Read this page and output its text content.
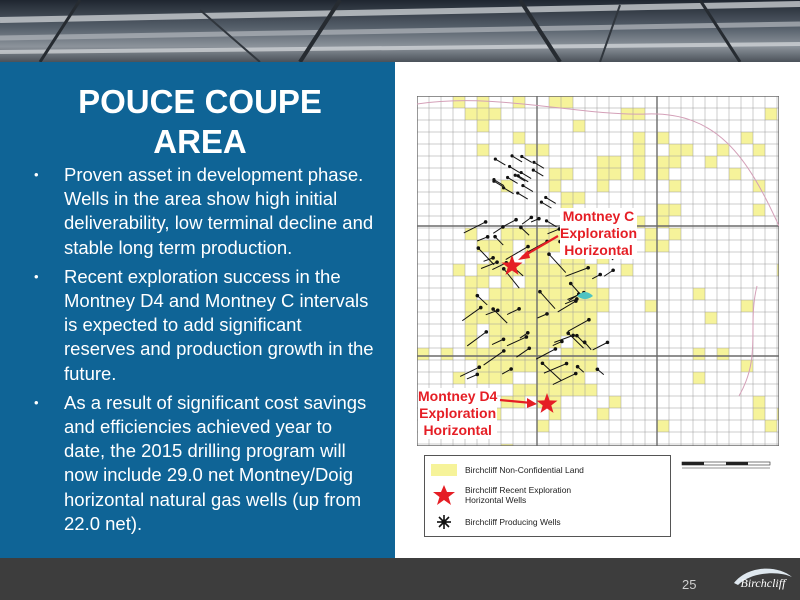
POUCE COUPE
AREA
• Proven asset in development phase. Wells in the area show high initial deliverability, low terminal decline and stable long term production.
• Recent exploration success in the Montney D4 and Montney C intervals is expected to add significant reserves and production growth in the future.
• As a result of significant cost savings and efficiencies achieved year to date, the 2015 drilling program will now include 29.0 net Montney/Doig horizontal natural gas wells (up from 22.0 net).
Montney C
Exploration
Horizontal
Montney D4
Exploration
Horizontal
Birchcliff Non-Confidential Land
Birchcliff Recent Exploration
Horizontal Wells
Birchcliff Producing Wells
25	Birchcliff
